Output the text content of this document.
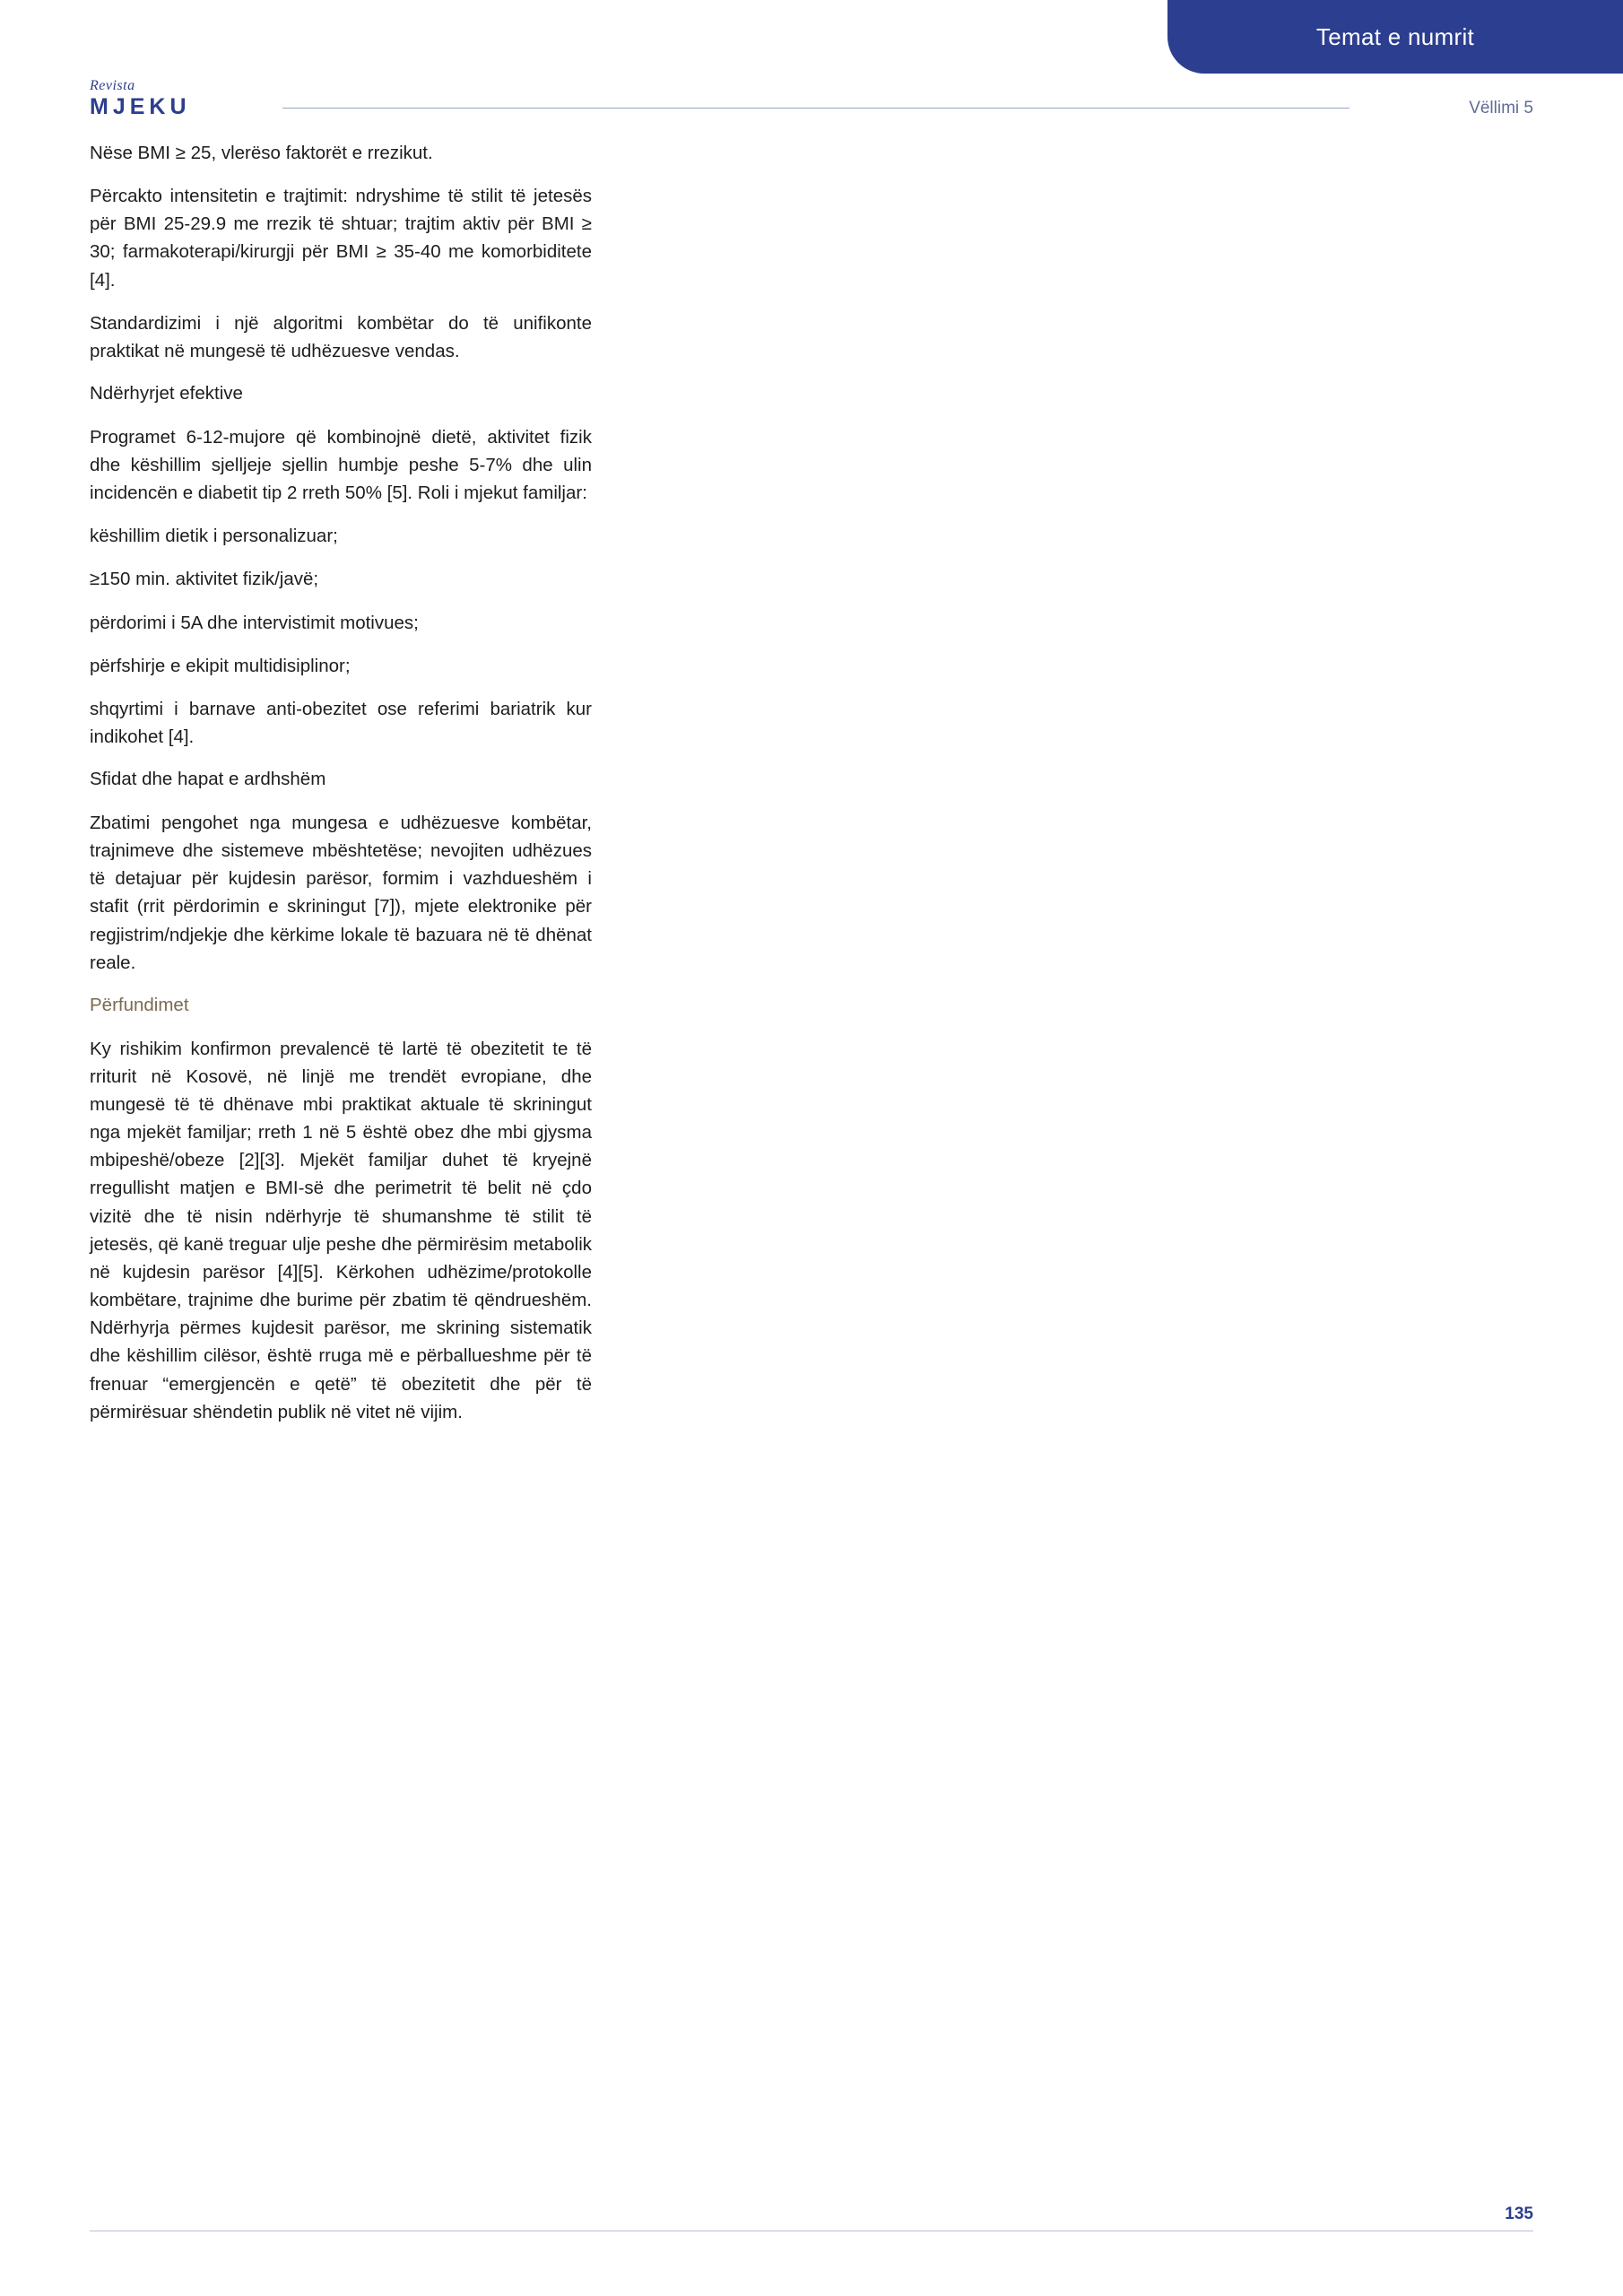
Temat e numrit
Revista
MJEKU	Vëllimi 5

Nëse BMI ≥ 25, vlerëso faktorët e rrezikut.

Përcakto intensitetin e trajtimit: ndryshime të stilit të jetesës për BMI 25-29.9 me rrezik të shtuar; trajtim aktiv për BMI ≥ 30; farmakoterapi/kirurgji për BMI ≥ 35-40 me komorbiditete [4].

Standardizimi i një algoritmi kombëtar do të unifikonte praktikat në mungesë të udhëzuesve vendas.

Ndërhyrjet efektive

Programet 6-12-mujore që kombinojnë dietë, aktivitet fizik dhe këshillim sjelljeje sjellin humbje peshe 5-7% dhe ulin incidencën e diabetit tip 2 rreth 50% [5]. Roli i mjekut familjar:

këshillim dietik i personalizuar;

≥150 min. aktivitet fizik/javë;

përdorimi i 5A dhe intervistimit motivues;

përfshirje e ekipit multidisiplinor;

shqyrtimi i barnave anti-obezitet ose referimi bariatrik kur indikohet [4].

Sfidat dhe hapat e ardhshëm

Zbatimi pengohet nga mungesa e udhëzuesve kombëtar, trajnimeve dhe sistemeve mbështetëse; nevojiten udhëzues të detajuar për kujdesin parësor, formim i vazhdueshëm i stafit (rrit përdorimin e skriningut [7]), mjete elektronike për regjistrim/ndjekje dhe kërkime lokale të bazuara në të dhënat reale.

Përfundimet

Ky rishikim konfirmon prevalencë të lartë të obezitetit te të rriturit në Kosovë, në linjë me trendët evropiane, dhe mungesë të të dhënave mbi praktikat aktuale të skriningut nga mjekët familjar; rreth 1 në 5 është obez dhe mbi gjysma mbipeshë/obeze [2][3]. Mjekët familjar duhet të kryejnë rregullisht matjen e BMI-së dhe perimetrit të belit në çdo vizitë dhe të nisin ndërhyrje të shumanshme të stilit të jetesës, që kanë treguar ulje peshe dhe përmirësim metabolik në kujdesin parësor [4][5]. Kërkohen udhëzime/protokolle kombëtare, trajnime dhe burime për zbatim të qëndrueshëm. Ndërhyrja përmes kujdesit parësor, me skrining sistematik dhe këshillim cilësor, është rruga më e përballueshme për të frenuar “emergjencën e qetë” të obezitetit dhe për të përmirësuar shëndetin publik në vitet në vijim.

135
